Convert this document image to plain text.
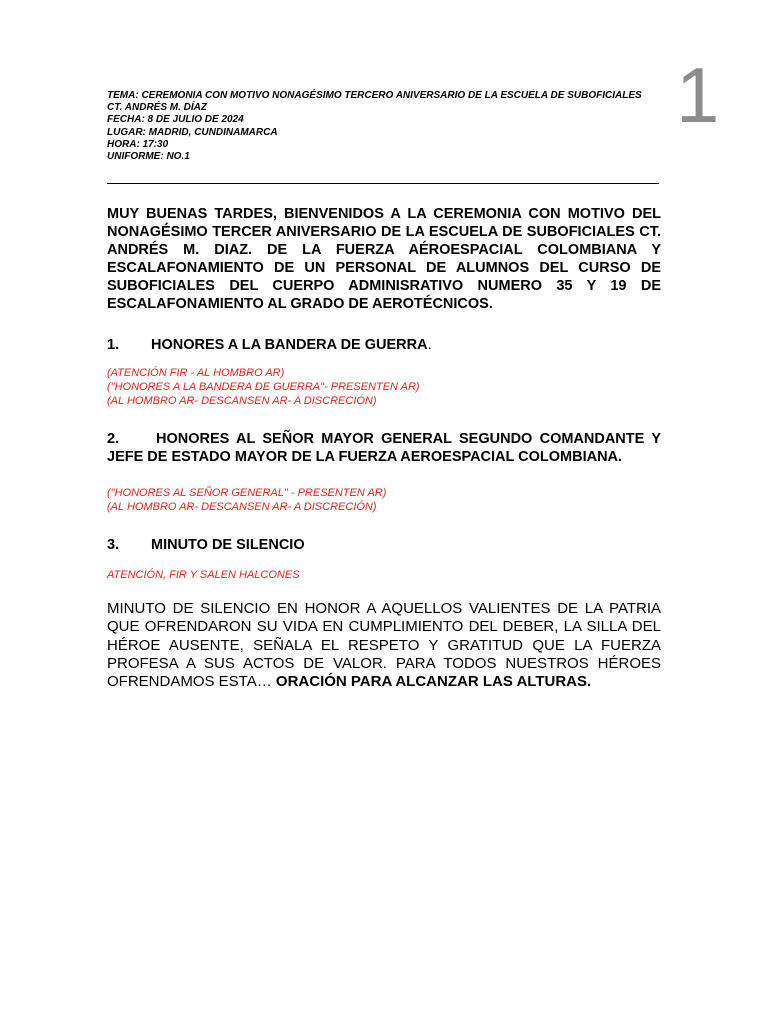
1
TEMA: CEREMONIA CON MOTIVO NONAGÉSIMO TERCERO ANIVERSARIO DE LA ESCUELA DE SUBOFICIALES
CT. ANDRÉS M. DÍAZ
FECHA: 8 DE JULIO DE 2024
LUGAR: MADRID, CUNDINAMARCA
HORA: 17:30
UNIFORME: NO.1

MUY BUENAS TARDES, BIENVENIDOS A LA CEREMONIA CON MOTIVO DEL NONAGÉSIMO TERCER ANIVERSARIO DE LA ESCUELA DE SUBOFICIALES CT. ANDRÉS M. DIAZ. DE LA FUERZA AÉROESPACIAL COLOMBIANA Y ESCALAFONAMIENTO DE UN PERSONAL DE ALUMNOS DEL CURSO DE SUBOFICIALES DEL CUERPO ADMINISRATIVO NUMERO 35 Y 19 DE ESCALAFONAMIENTO AL GRADO DE AEROTÉCNICOS.

1. HONORES A LA BANDERA DE GUERRA.

(ATENCIÓN FIR - AL HOMBRO AR)
("HONORES A LA BANDERA DE GUERRA"- PRESENTEN AR)
(AL HOMBRO AR- DESCANSEN AR- A DISCRECIÓN)

2.	HONORES AL SEÑOR MAYOR GENERAL SEGUNDO COMANDANTE Y JEFE DE ESTADO MAYOR DE LA FUERZA AEROESPACIAL COLOMBIANA.

("HONORES AL SEÑOR GENERAL" - PRESENTEN AR)
(AL HOMBRO AR- DESCANSEN AR- A DISCRECIÓN)

3. MINUTO DE SILENCIO

ATENCIÓN, FIR Y SALEN HALCONES

MINUTO DE SILENCIO EN HONOR A AQUELLOS VALIENTES DE LA PATRIA QUE OFRENDARON SU VIDA EN CUMPLIMIENTO DEL DEBER, LA SILLA DEL HÉROE AUSENTE, SEÑALA EL RESPETO Y GRATITUD QUE LA FUERZA PROFESA A SUS ACTOS DE VALOR. PARA TODOS NUESTROS HÉROES OFRENDAMOS ESTA… ORACIÓN PARA ALCANZAR LAS ALTURAS.
